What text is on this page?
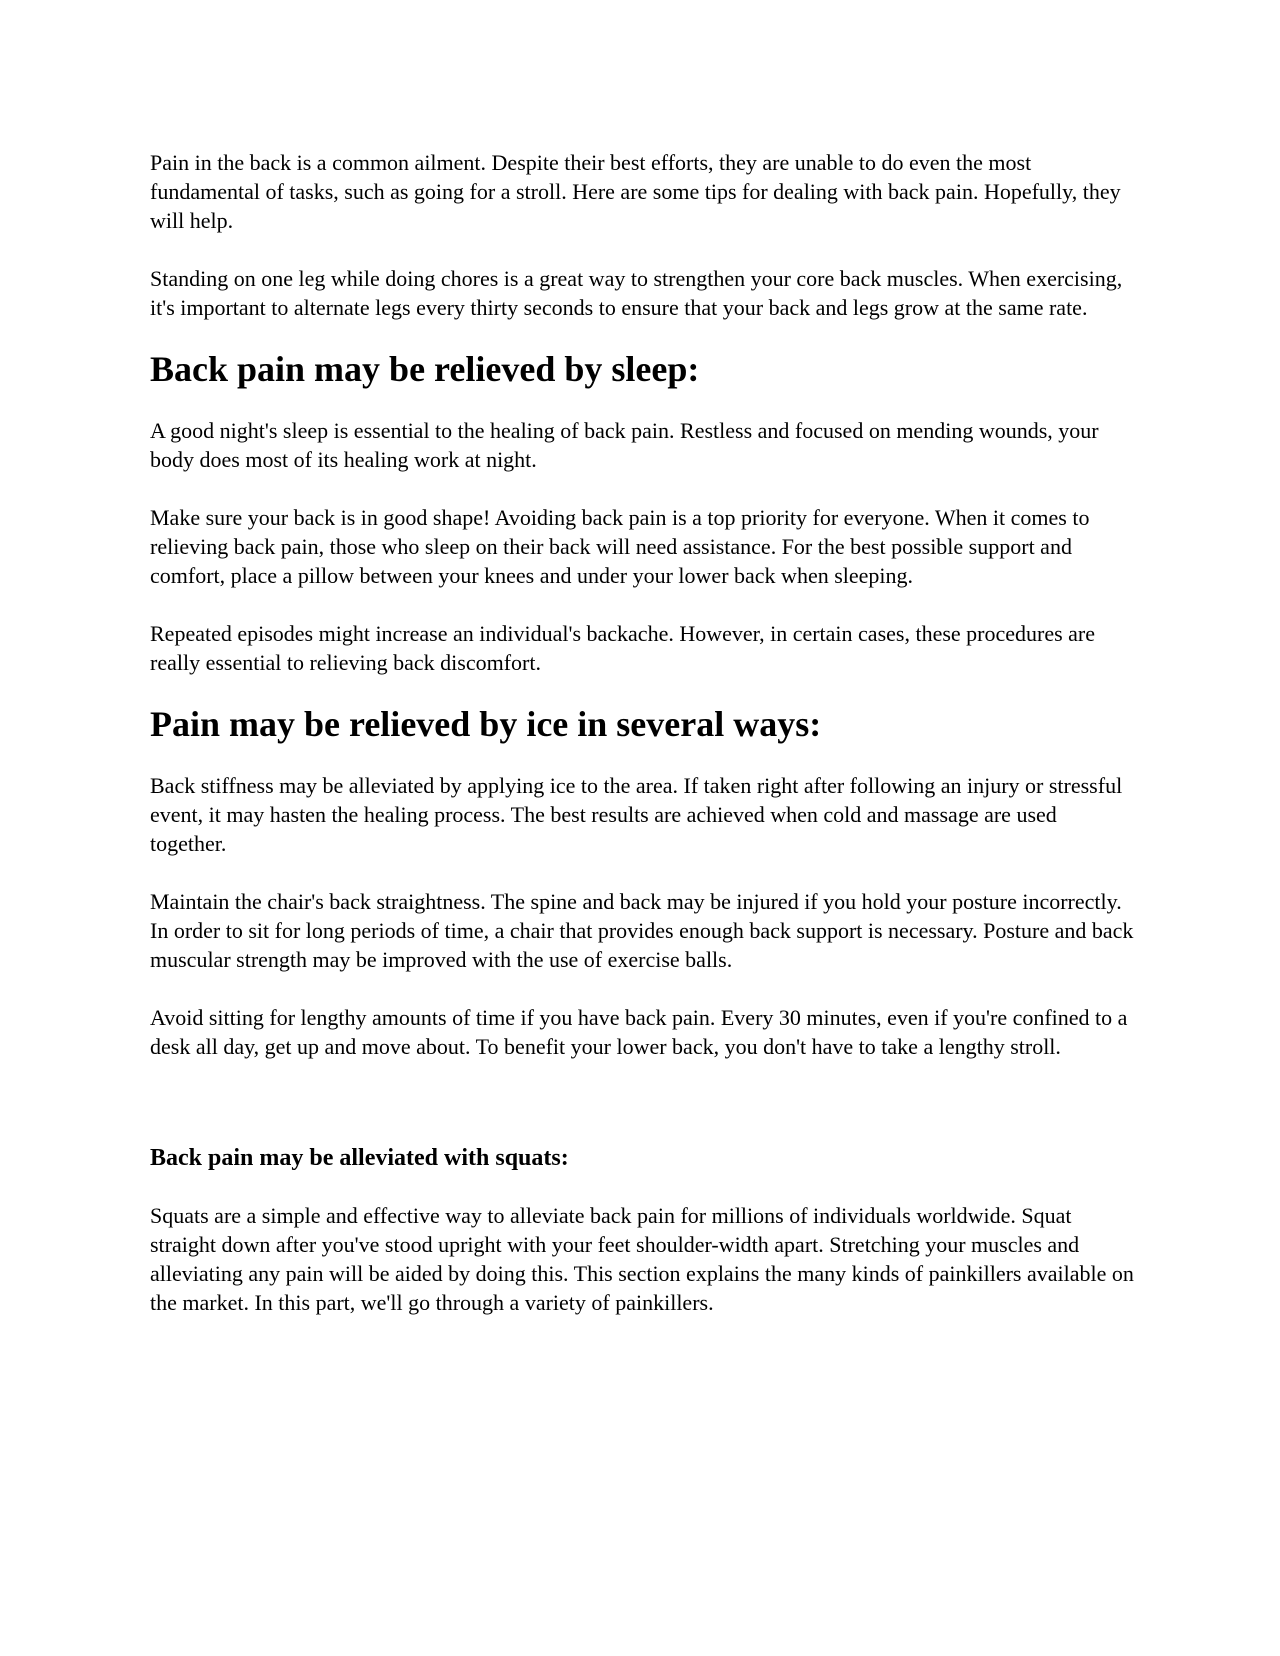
Pain in the back is a common ailment. Despite their best efforts, they are unable to do even the most fundamental of tasks, such as going for a stroll. Here are some tips for dealing with back pain. Hopefully, they will help.

Standing on one leg while doing chores is a great way to strengthen your core back muscles. When exercising, it's important to alternate legs every thirty seconds to ensure that your back and legs grow at the same rate.

Back pain may be relieved by sleep:

A good night's sleep is essential to the healing of back pain. Restless and focused on mending wounds, your body does most of its healing work at night.

Make sure your back is in good shape! Avoiding back pain is a top priority for everyone. When it comes to relieving back pain, those who sleep on their back will need assistance. For the best possible support and comfort, place a pillow between your knees and under your lower back when sleeping.

Repeated episodes might increase an individual's backache. However, in certain cases, these procedures are really essential to relieving back discomfort.

Pain may be relieved by ice in several ways:

Back stiffness may be alleviated by applying ice to the area. If taken right after following an injury or stressful event, it may hasten the healing process. The best results are achieved when cold and massage are used together.

Maintain the chair's back straightness. The spine and back may be injured if you hold your posture incorrectly. In order to sit for long periods of time, a chair that provides enough back support is necessary. Posture and back muscular strength may be improved with the use of exercise balls.

Avoid sitting for lengthy amounts of time if you have back pain. Every 30 minutes, even if you're confined to a desk all day, get up and move about. To benefit your lower back, you don't have to take a lengthy stroll.

Back pain may be alleviated with squats:

Squats are a simple and effective way to alleviate back pain for millions of individuals worldwide. Squat straight down after you've stood upright with your feet shoulder-width apart. Stretching your muscles and alleviating any pain will be aided by doing this. This section explains the many kinds of painkillers available on the market. In this part, we'll go through a variety of painkillers.
